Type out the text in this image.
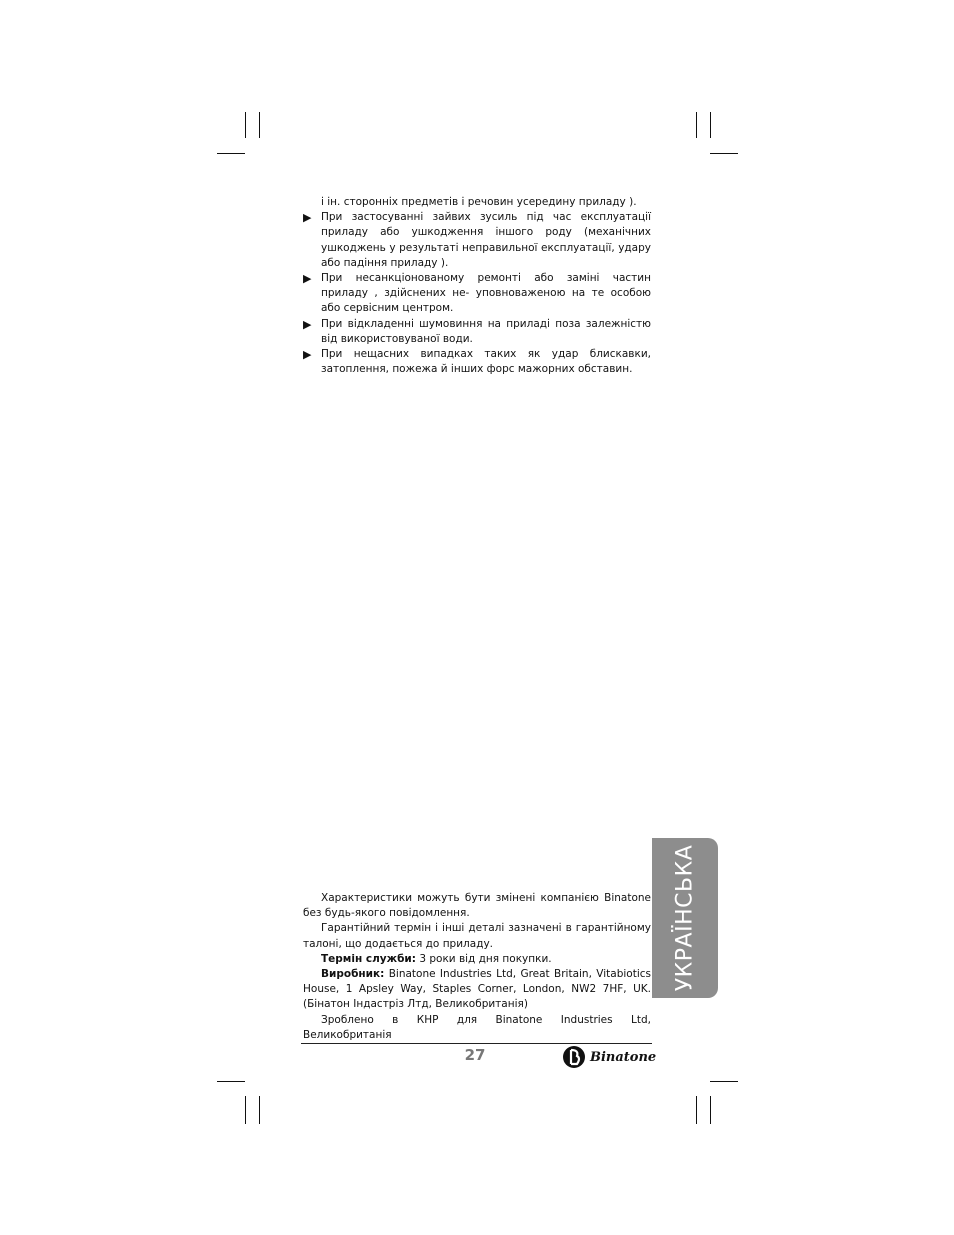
і ін. сторонніх предметів і речовин усередину приладу ).
▶ При застосуванні зайвих зусиль під час експлуатації приладу або ушкодження іншого роду (механічних ушкоджень у результаті неправильної експлуатації, удару або падіння приладу ).
▶ При несанкціонованому ремонті або заміні частин приладу , здійснених не- уповноваженою на те особою або сервісним центром.
▶ При відкладенні шумовиння на приладі поза залежністю від використовуваної води.
▶ При нещасних випадках таких як удар блискавки, затоплення, пожежа й інших форс мажорних обставин.

Характеристики можуть бути змінені компанією Binatone без будь-якого повідомлення.

Гарантійний термін і інші деталі зазначені в гарантійному талоні, що додається до приладу.

Термін служби: 3 роки від дня покупки.

Виробник: Binatone Industries Ltd, Great Britain, Vitabiotics House, 1 Apsley Way, Staples Corner, London, NW2 7HF, UK. (Бінатон Індастріз Лтд, Великобританія)

Зроблено в КНР для Binatone Industries Ltd, Великобританія

27	Binatone
УКРАЇНСЬКА
